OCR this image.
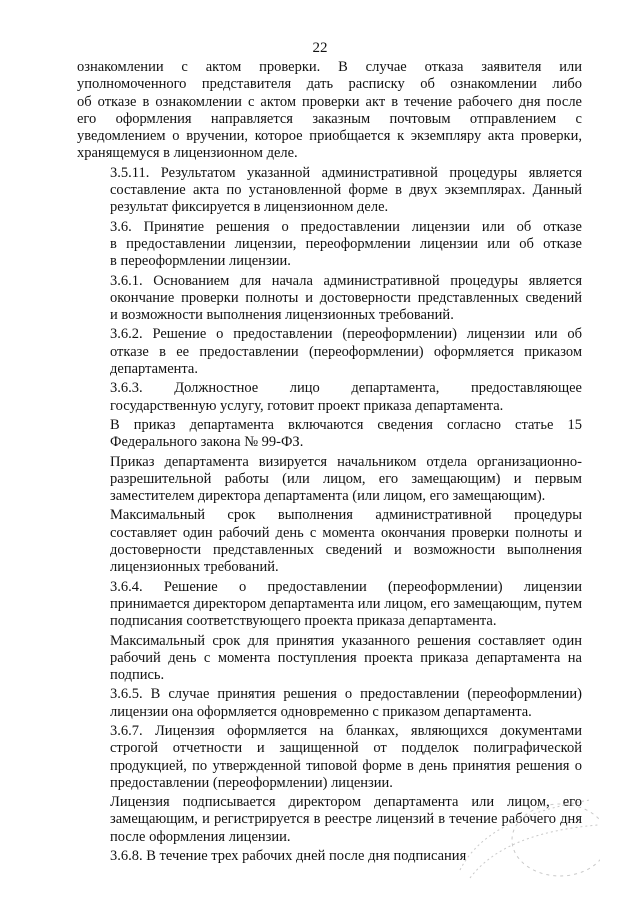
22
ознакомлении с актом проверки. В случае отказа заявителя или
уполномоченного представителя дать расписку об ознакомлении либо
об отказе в ознакомлении с актом проверки акт в течение рабочего дня после
его оформления направляется заказным почтовым отправлением с
уведомлением о вручении, которое приобщается к экземпляру акта проверки,
хранящемуся в лицензионном деле.
3.5.11. Результатом указанной административной процедуры является
составление акта по установленной форме в двух экземплярах. Данный
результат фиксируется в лицензионном деле.
3.6. Принятие решения о предоставлении лицензии или об отказе
в предоставлении лицензии, переоформлении лицензии или об отказе
в переоформлении лицензии.
3.6.1. Основанием для начала административной процедуры является
окончание проверки полноты и достоверности представленных сведений
и возможности выполнения лицензионных требований.
3.6.2. Решение о предоставлении (переоформлении) лицензии или об
отказе в ее предоставлении (переоформлении) оформляется приказом
департамента.
3.6.3. Должностное лицо департамента, предоставляющее
государственную услугу, готовит проект приказа департамента.
В приказ департамента включаются сведения согласно статье 15
Федерального закона № 99-ФЗ.
Приказ департамента визируется начальником отдела организационно-
разрешительной работы (или лицом, его замещающим) и первым
заместителем директора департамента (или лицом, его замещающим).
Максимальный срок выполнения административной процедуры
составляет один рабочий день с момента окончания проверки полноты и
достоверности представленных сведений и возможности выполнения
лицензионных требований.
3.6.4. Решение о предоставлении (переоформлении) лицензии
принимается директором департамента или лицом, его замещающим, путем
подписания соответствующего проекта приказа департамента.
Максимальный срок для принятия указанного решения составляет один
рабочий день с момента поступления проекта приказа департамента на
подпись.
3.6.5. В случае принятия решения о предоставлении (переоформлении)
лицензии она оформляется одновременно с приказом департамента.
3.6.7. Лицензия оформляется на бланках, являющихся документами
строгой отчетности и защищенной от подделок полиграфической
продукцией, по утвержденной типовой форме в день принятия решения о
предоставлении (переоформлении) лицензии.
Лицензия подписывается директором департамента или лицом, его
замещающим, и регистрируется в реестре лицензий в течение рабочего дня
после оформления лицензии.
3.6.8. В течение трех рабочих дней после дня подписания
